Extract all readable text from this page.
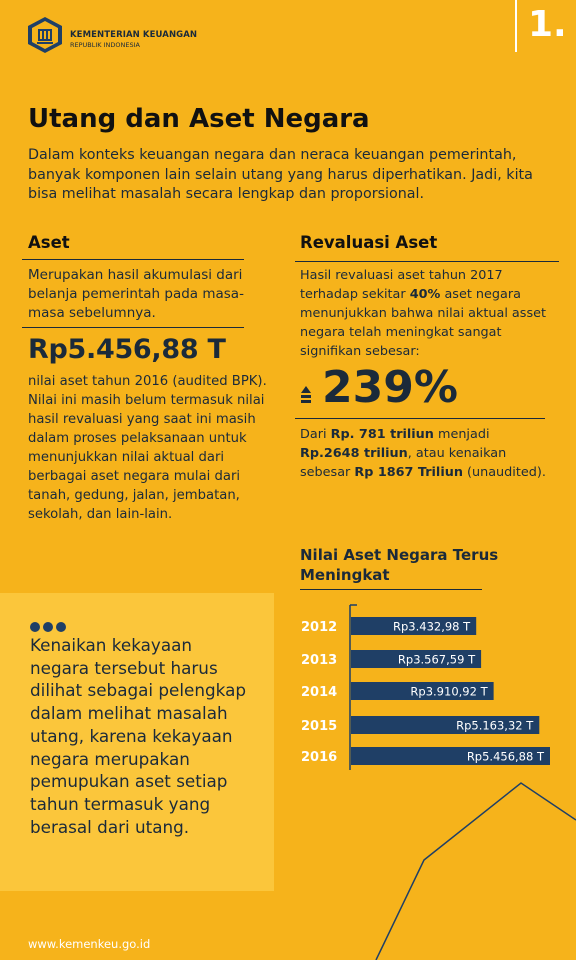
KEMENTERIAN KEUANGAN
REPUBLIK INDONESIA	1.
Utang dan Aset Negara
Dalam konteks keuangan negara dan neraca keuangan pemerintah, banyak komponen lain selain utang yang harus diperhatikan. Jadi, kita bisa melihat masalah secara lengkap dan proporsional.
Aset
Merupakan hasil akumulasi dari belanja pemerintah pada masa-masa sebelumnya.
Rp5.456,88 T
nilai aset tahun 2016 (audited BPK). Nilai ini masih belum termasuk nilai hasil revaluasi yang saat ini masih dalam proses pelaksanaan untuk menunjukkan nilai aktual dari berbagai aset negara mulai dari tanah, gedung, jalan, jembatan, sekolah, dan lain-lain.
Revaluasi Aset
Hasil revaluasi aset tahun 2017 terhadap sekitar 40% aset negara menunjukkan bahwa nilai aktual asset negara telah meningkat sangat signifikan sebesar:
239%
Dari Rp. 781 triliun menjadi Rp.2648 triliun, atau kenaikan sebesar Rp 1867 Triliun (unaudited).
Nilai Aset Negara Terus Meningkat
Rp3.432,98 T
2012
Rp3.567,59 T
2013
Rp3.910,92 T
2014
Rp5.163,32 T
2015
Rp5.456,88 T
2016
Kenaikan kekayaan negara tersebut harus dilihat sebagai pelengkap dalam melihat masalah utang, karena kekayaan negara merupakan pemupukan aset setiap tahun termasuk yang berasal dari utang.
www.kemenkeu.go.id
